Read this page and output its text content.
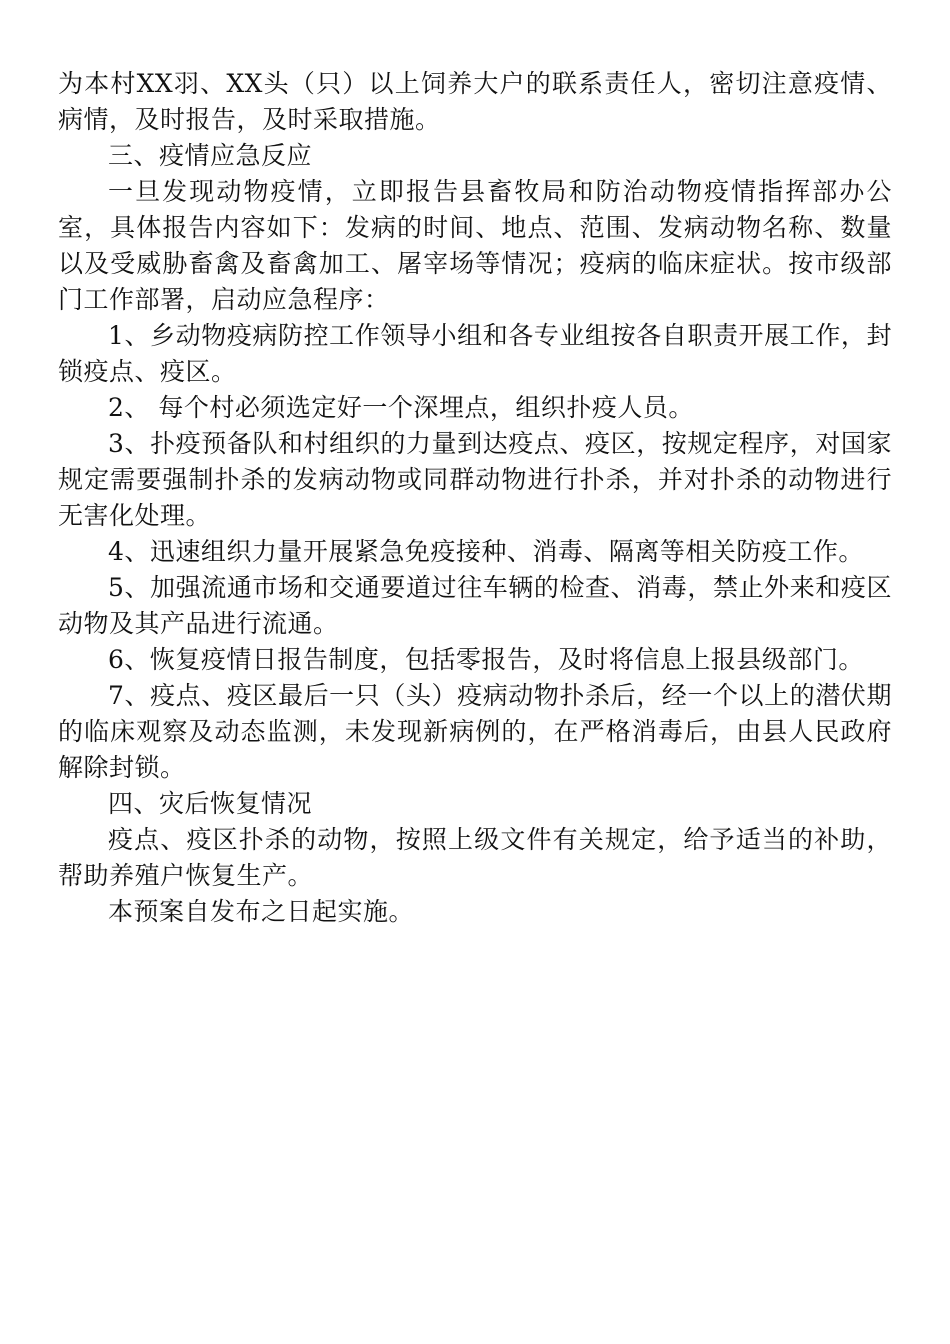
为本村XX羽、XX头（只）以上饲养大户的联系责任人，密切注意疫情、病情，及时报告，及时采取措施。

三、疫情应急反应

一旦发现动物疫情，立即报告县畜牧局和防治动物疫情指挥部办公室，具体报告内容如下：发病的时间、地点、范围、发病动物名称、数量以及受威胁畜禽及畜禽加工、屠宰场等情况；疫病的临床症状。按市级部门工作部署，启动应急程序：

1、乡动物疫病防控工作领导小组和各专业组按各自职责开展工作，封锁疫点、疫区。

2、 每个村必须选定好一个深埋点，组织扑疫人员。

3、扑疫预备队和村组织的力量到达疫点、疫区，按规定程序，对国家规定需要强制扑杀的发病动物或同群动物进行扑杀，并对扑杀的动物进行无害化处理。

4、迅速组织力量开展紧急免疫接种、消毒、隔离等相关防疫工作。

5、加强流通市场和交通要道过往车辆的检查、消毒，禁止外来和疫区动物及其产品进行流通。

6、恢复疫情日报告制度，包括零报告，及时将信息上报县级部门。

7、疫点、疫区最后一只（头）疫病动物扑杀后，经一个以上的潜伏期的临床观察及动态监测，未发现新病例的，在严格消毒后，由县人民政府解除封锁。

四、灾后恢复情况

疫点、疫区扑杀的动物，按照上级文件有关规定，给予适当的补助，帮助养殖户恢复生产。

本预案自发布之日起实施。
